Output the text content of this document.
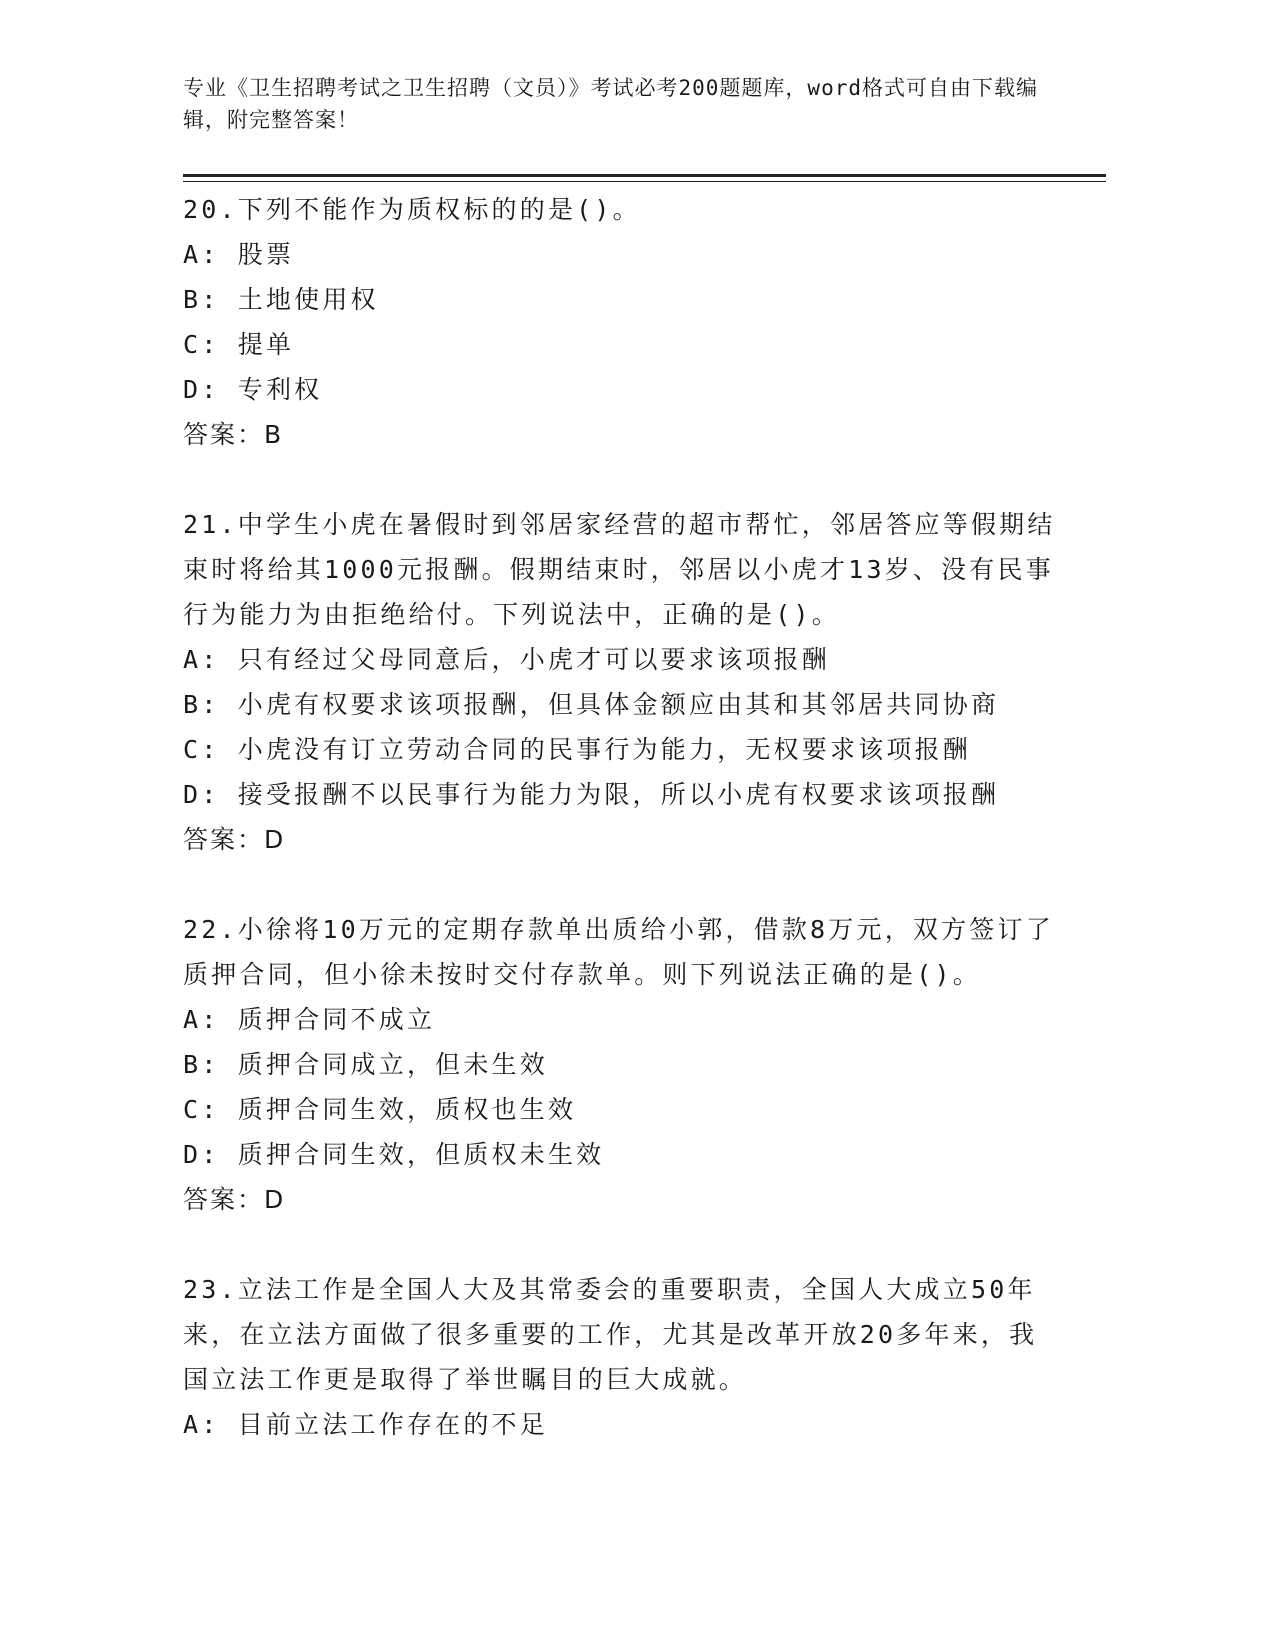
专业《卫生招聘考试之卫生招聘（文员）》考试必考200题题库，word格式可自由下载编辑，附完整答案！

20.下列不能作为质权标的的是()。

A: 股票

B: 土地使用权

C: 提单

D: 专利权

答案：B

21.中学生小虎在暑假时到邻居家经营的超市帮忙，邻居答应等假期结束时将给其1000元报酬。假期结束时，邻居以小虎才13岁、没有民事行为能力为由拒绝给付。下列说法中，正确的是()。

A: 只有经过父母同意后，小虎才可以要求该项报酬

B: 小虎有权要求该项报酬，但具体金额应由其和其邻居共同协商

C: 小虎没有订立劳动合同的民事行为能力，无权要求该项报酬

D: 接受报酬不以民事行为能力为限，所以小虎有权要求该项报酬

答案：D

22.小徐将10万元的定期存款单出质给小郭，借款8万元，双方签订了质押合同，但小徐未按时交付存款单。则下列说法正确的是()。

A: 质押合同不成立

B: 质押合同成立，但未生效

C: 质押合同生效，质权也生效

D: 质押合同生效，但质权未生效

答案：D

23.立法工作是全国人大及其常委会的重要职责，全国人大成立50年来，在立法方面做了很多重要的工作，尤其是改革开放20多年来，我国立法工作更是取得了举世瞩目的巨大成就。

A: 目前立法工作存在的不足
